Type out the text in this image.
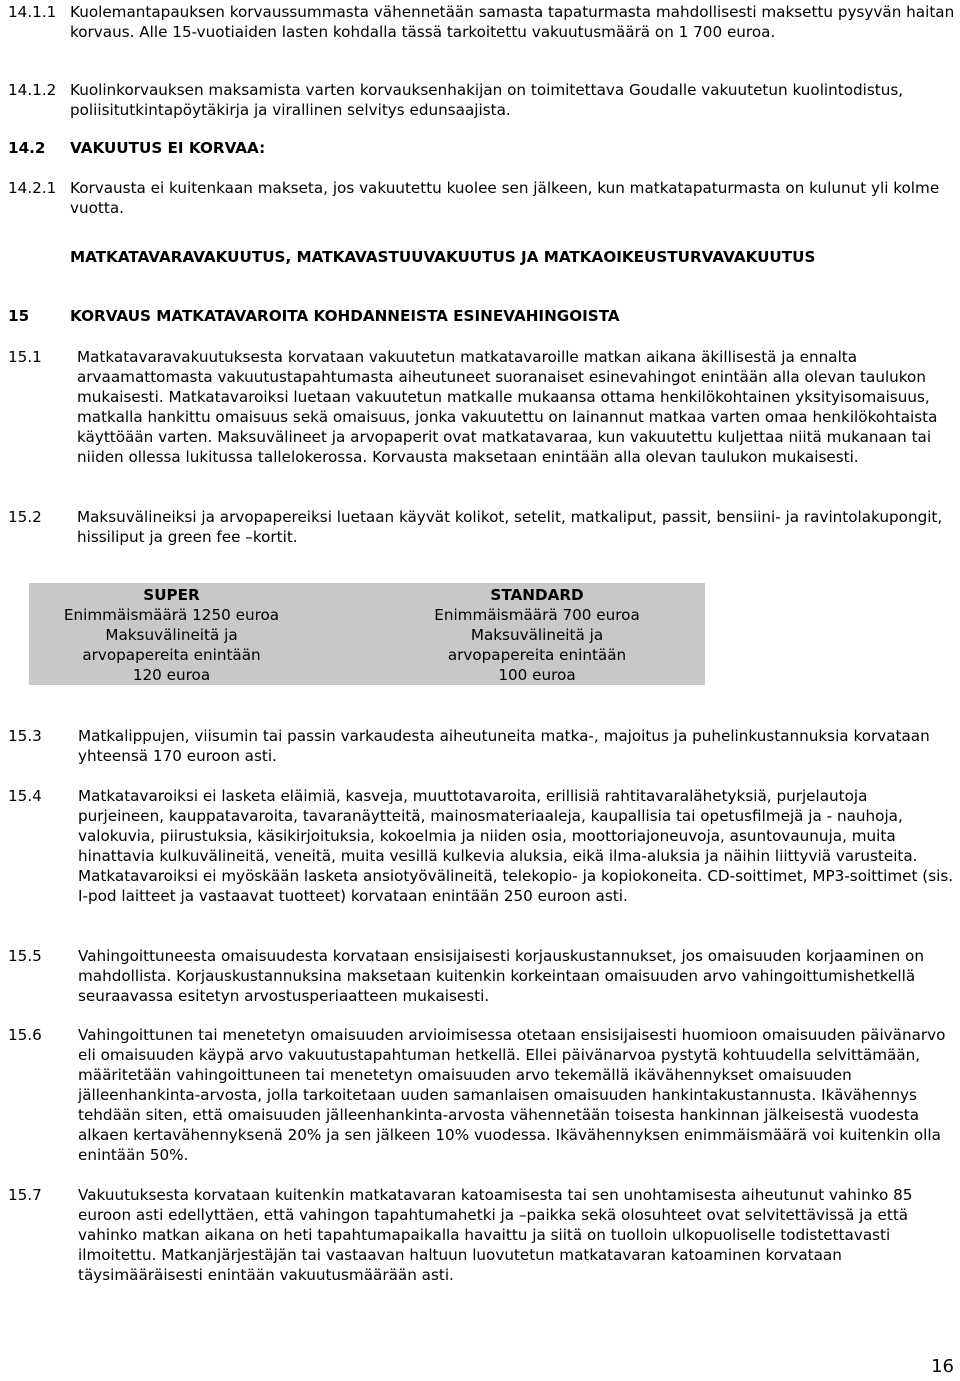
14.1.1 Kuolemantapauksen korvaussummasta vähennetään samasta tapaturmasta mahdollisesti maksettu pysyvän haitan korvaus. Alle 15-vuotiaiden lasten kohdalla tässä tarkoitettu vakuutusmäärä on 1 700 euroa.
14.1.2 Kuolinkorvauksen maksamista varten korvauksenhakijan on toimitettava Goudalle vakuutetun kuolintodistus, poliisitutkintapöytäkirja ja virallinen selvitys edunsaajista.
14.2 VAKUUTUS EI KORVAA:
14.2.1 Korvausta ei kuitenkaan makseta, jos vakuutettu kuolee sen jälkeen, kun matkatapaturmasta on kulunut yli kolme vuotta.
MATKATAVARAVAKUUTUS, MATKAVASTUUVAKUUTUS JA MATKAOIKEUSTURVAVAKUUTUS
15	KORVAUS MATKATAVAROITA KOHDANNEISTA ESINEVAHINGOISTA
15.1 Matkatavaravakuutuksesta korvataan vakuutetun matkatavaroille matkan aikana äkillisestä ja ennalta arvaamattomasta vakuutustapahtumasta aiheutuneet suoranaiset esinevahingot enintään alla olevan taulukon mukaisesti. Matkatavaroiksi luetaan vakuutetun matkalle mukaansa ottama henkilökohtainen yksityisomaisuus, matkalla hankittu omaisuus sekä omaisuus, jonka vakuutettu on lainannut matkaa varten omaa henkilökohtaista käyttöään varten. Maksuvälineet ja arvopaperit ovat matkatavaraa, kun vakuutettu kuljettaa niitä mukanaan tai niiden ollessa lukitussa tallelokerossa. Korvausta maksetaan enintään alla olevan taulukon mukaisesti.
15.2 Maksuvälineiksi ja arvopapereiksi luetaan käyvät kolikot, setelit, matkaliput, passit, bensiini- ja ravintolakupongit, hissiliput ja green fee –kortit.
SUPER
Enimmäismäärä 1250 euroa
Maksuvälineitä ja
arvopapereita enintään
120 euroa
STANDARD
Enimmäismäärä 700 euroa
Maksuvälineitä ja
arvopapereita enintään
100 euroa
15.3 Matkalippujen, viisumin tai passin varkaudesta aiheutuneita matka-, majoitus ja puhelinkustannuksia korvataan yhteensä 170 euroon asti.
15.4 Matkatavaroiksi ei lasketa eläimiä, kasveja, muuttotavaroita, erillisiä rahtitavaralähetyksiä, purjelautoja purjeineen, kauppatavaroita, tavaranäytteitä, mainosmateriaaleja, kaupallisia tai opetusfilmejä ja - nauhoja, valokuvia, piirustuksia, käsikirjoituksia, kokoelmia ja niiden osia, moottoriajoneuvoja, asuntovaunuja, muita hinattavia kulkuvälineitä, veneitä, muita vesillä kulkevia aluksia, eikä ilma-aluksia ja näihin liittyviä varusteita. Matkatavaroiksi ei myöskään lasketa ansiotyövälineitä, telekopio- ja kopiokoneita. CD-soittimet, MP3-soittimet (sis. I-pod laitteet ja vastaavat tuotteet) korvataan enintään 250 euroon asti.
15.5 Vahingoittuneesta omaisuudesta korvataan ensisijaisesti korjauskustannukset, jos omaisuuden korjaaminen on mahdollista. Korjauskustannuksina maksetaan kuitenkin korkeintaan omaisuuden arvo vahingoittumishetkellä seuraavassa esitetyn arvostusperiaatteen mukaisesti.
15.6 Vahingoittunen tai menetetyn omaisuuden arvioimisessa otetaan ensisijaisesti huomioon omaisuuden päivänarvo eli omaisuuden käypä arvo vakuutustapahtuman hetkellä. Ellei päivänarvoa pystytä kohtuudella selvittämään, määritetään vahingoittuneen tai menetetyn omaisuuden arvo tekemällä ikävähennykset omaisuuden jälleenhankinta-arvosta, jolla tarkoitetaan uuden samanlaisen omaisuuden hankintakustannusta. Ikävähennys tehdään siten, että omaisuuden jälleenhankinta-arvosta vähennetään toisesta hankinnan jälkeisestä vuodesta alkaen kertavähennyksenä 20% ja sen jälkeen 10% vuodessa. Ikävähennyksen enimmäismäärä voi kuitenkin olla enintään 50%.
15.7 Vakuutuksesta korvataan kuitenkin matkatavaran katoamisesta tai sen unohtamisesta aiheutunut vahinko 85 euroon asti edellyttäen, että vahingon tapahtumahetki ja –paikka sekä olosuhteet ovat selvitettävissä ja että vahinko matkan aikana on heti tapahtumapaikalla havaittu ja siitä on tuolloin ulkopuoliselle todistettavasti ilmoitettu. Matkanjärjestäjän tai vastaavan haltuun luovutetun matkatavaran katoaminen korvataan täysimääräisesti enintään vakuutusmäärään asti.
16
